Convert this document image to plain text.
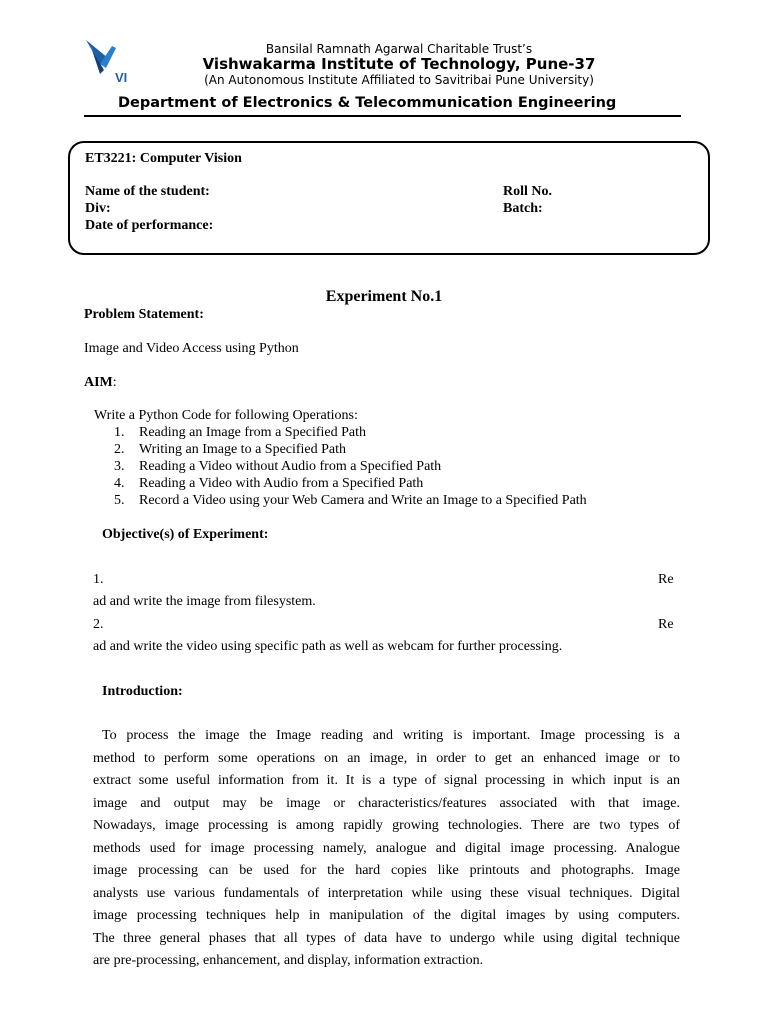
VI
Bansilal Ramnath Agarwal Charitable Trust’s
Vishwakarma Institute of Technology, Pune-37
(An Autonomous Institute Affiliated to Savitribai Pune University)
Department of Electronics & Telecommunication Engineering
ET3221: Computer Vision
Name of the student:	Roll No.
Div:	Batch:
Date of performance:
Experiment No.1
Problem Statement:
Image and Video Access using Python
AIM:
Write a Python Code for following Operations:
1. Reading an Image from a Specified Path
2. Writing an Image to a Specified Path
3. Reading a Video without Audio from a Specified Path
4. Reading a Video with Audio from a Specified Path
5. Record a Video using your Web Camera and Write an Image to a Specified Path
Objective(s) of Experiment:
1.	Re
ad and write the image from filesystem.
2.	Re
ad and write the video using specific path as well as webcam for further processing.
Introduction:
To process the image the Image reading and writing is important. Image processing is a
method to perform some operations on an image, in order to get an enhanced image or to
extract some useful information from it. It is a type of signal processing in which input is an
image and output may be image or characteristics/features associated with that image.
Nowadays, image processing is among rapidly growing technologies. There are two types of
methods used for image processing namely, analogue and digital image processing. Analogue
image processing can be used for the hard copies like printouts and photographs. Image
analysts use various fundamentals of interpretation while using these visual techniques. Digital
image processing techniques help in manipulation of the digital images by using computers.
The three general phases that all types of data have to undergo while using digital technique
are pre-processing, enhancement, and display, information extraction.
